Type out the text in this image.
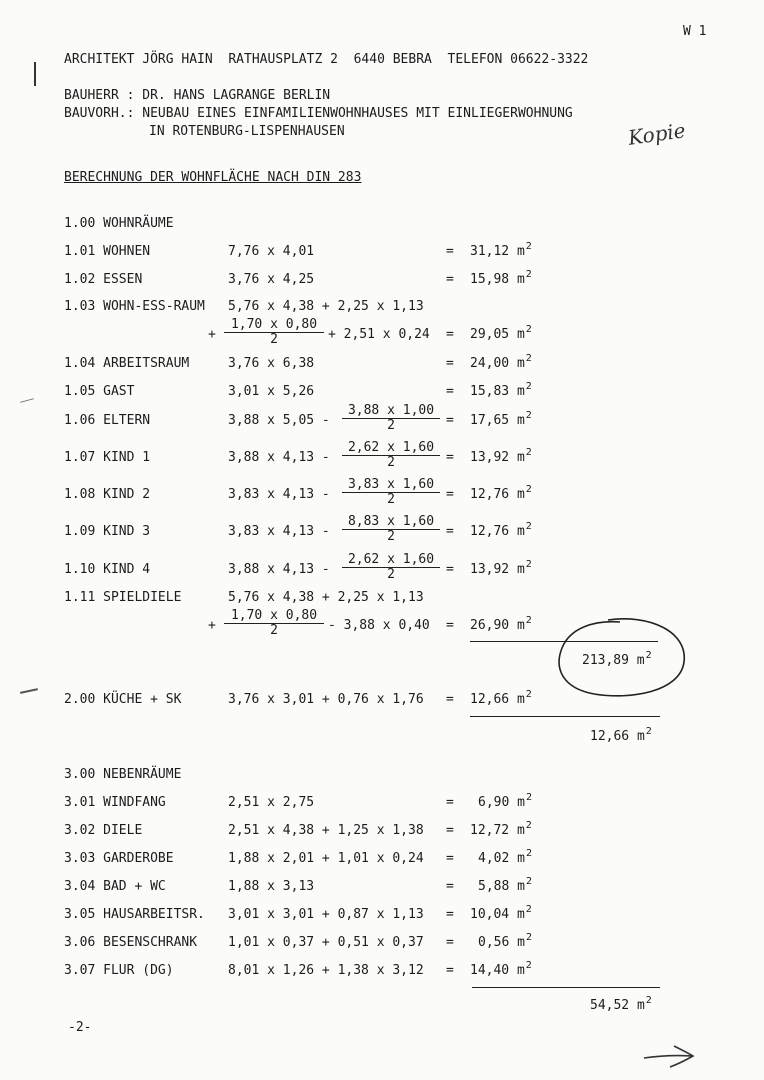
W 1
ARCHITEKT JÖRG HAIN  RATHAUSPLATZ 2  6440 BEBRA  TELEFON 06622-3322
BAUHERR : DR. HANS LAGRANGE BERLIN
BAUVORH.: NEUBAU EINES EINFAMILIENWOHNHAUSES MIT EINLIEGERWOHNUNG
IN ROTENBURG-LISPENHAUSEN	Kopie
BERECHNUNG DER WOHNFLÄCHE NACH DIN 283
1.00 WOHNRÄUME
1.01 WOHNEN	7,76 x 4,01	= 31,12 $m^2$
1.02 ESSEN	3,76 x 4,25	= 15,98 $m^2$
1.03 WOHN-ESS-RAUM 5,76 x 4,38 + 2,25 x 1,13
+ $\frac{1,70 x 0,80}{2} + 2,51$ x 0,24 = 29,05 $m^2$
1.04 ARBEITSRAUM	3,76 x 6,38	= 24,00 $m^2$
1.05 GAST	3,01 x 5,26	= 15,83 $m^2$
1.06 ELTERN	3,88 x $5,05 - \frac{3,88 x 1,00}{2} = 17,65$ $m^2$
1.07 KIND 1	3,88 x $4,13 - \frac{2,62 x 1,60}{2} = 13,92$ $m^2$
1.08 KIND 2	3,83 x $4,13 - \frac{3,83 x 1,60}{2} = 12,76$ $m^2$
1.09 KIND 3	3,83 x $4,13 - \frac{8,83 x 1,60}{2} = 12,76$ $m^2$
1.10 KIND 4	3,88 x $4,13 - \frac{2,62 x 1,60}{2} = 13,92$ $m^2$
1.11 SPIELDIELE	5,76 x 4,38 + 2,25 x 1,13
+ $\frac{1,70 x 0,80}{2} - 3,88$ x 0,40 = 26,90 $m^2$
213,89 $m^2$
2.00 KÜCHE + SK	3,76 x 3,01 + 0,76 x 1,76 = 12,66 $m^2$
12,66 $m^2$
3.00 NEBENRÄUME
3.01 WINDFANG	2,51 x 2,75	= 6,90 $m^2$
3.02 DIELE	2,51 x 4,38 + 1,25 x 1,38 = 12,72 $m^2$
3.03 GARDEROBE	1,88 x 2,01 + 1,01 x 0,24 = 4,02 $m^2$
3.04 BAD + WC	1,88 x 3,13	= 5,88 $m^2$
3.05 HAUSARBEITSR. 3,01 x 3,01 + 0,87 x 1,13 = 10,04 $m^2$
3.06 BESENSCHRANK 1,01 x 0,37 + 0,51 x 0,37 = 0,56 $m^2$
3.07 FLUR (DG)	8,01 x 1,26 + 1,38 x 3,12 = 14,40 $m^2$
54,52 $m^2$
-2-
